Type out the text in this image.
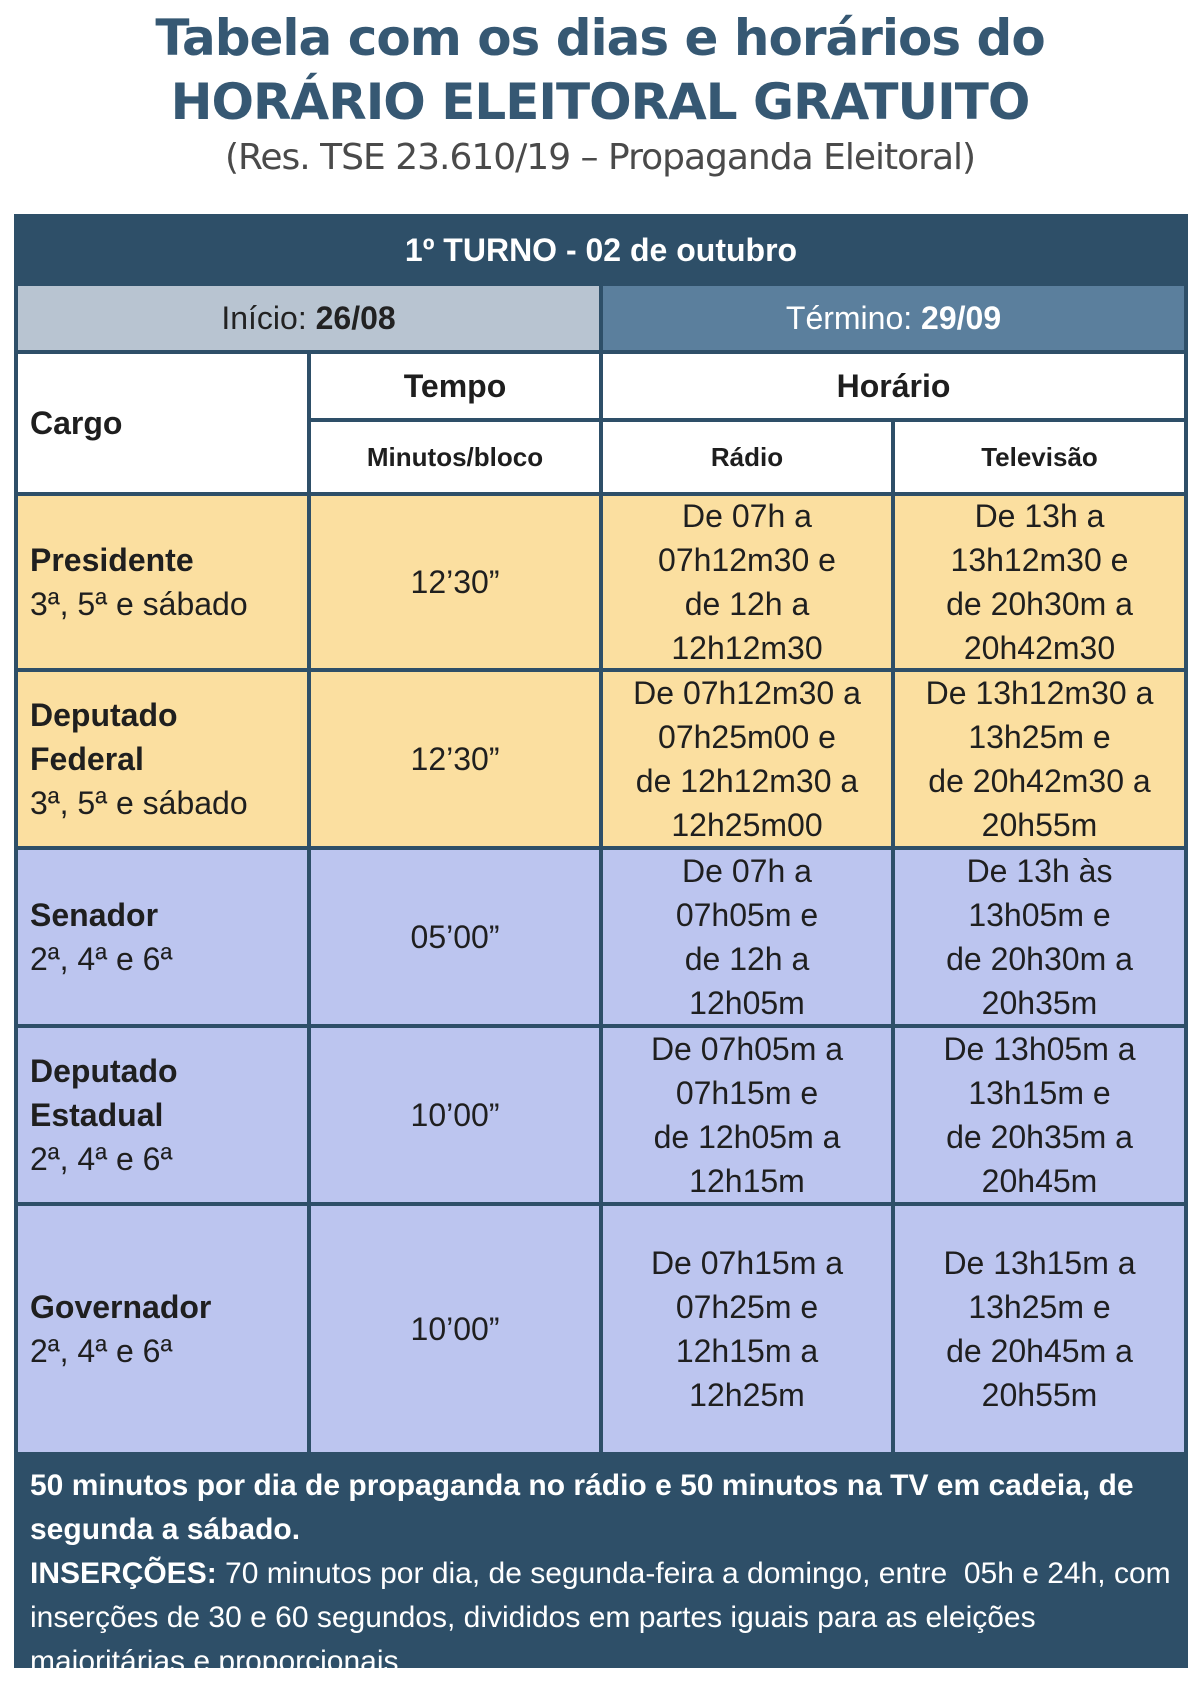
Tabela com os dias e horários do
HORÁRIO ELEITORAL GRATUITO
(Res. TSE 23.610/19 – Propaganda Eleitoral)
1º TURNO - 02 de outubro
Início: 26/08	Término: 29/09
Cargo
Tempo
Minutos/bloco
Horário
Rádio	Televisão
Presidente
3ª, 5ª e sábado
12’30”
De 07h a
07h12m30 e
de 12h a
12h12m30
De 13h a
13h12m30 e
de 20h30m a
20h42m30
Deputado
Federal
3ª, 5ª e sábado
12’30”
De 07h12m30 a
07h25m00 e
de 12h12m30 a
12h25m00
De 13h12m30 a
13h25m e
de 20h42m30 a
20h55m
Senador
2ª, 4ª e 6ª
05’00”
De 07h a
07h05m e
de 12h a
12h05m
De 13h às
13h05m e
de 20h30m a
20h35m
Deputado
Estadual
2ª, 4ª e 6ª
10’00”
De 07h05m a
07h15m e
de 12h05m a
12h15m
De 13h05m a
13h15m e
de 20h35m a
20h45m
Governador
2ª, 4ª e 6ª
10’00”
De 07h15m a
07h25m e
12h15m a
12h25m
De 13h15m a
13h25m e
de 20h45m a
20h55m
50 minutos por dia de propaganda no rádio e 50 minutos na TV em cadeia, de segunda a sábado.
INSERÇÕES: 70 minutos por dia, de segunda-feira a domingo, entre  05h e 24h, com inserções de 30 e 60 segundos, divididos em partes iguais para as eleições majoritárias e proporcionais
